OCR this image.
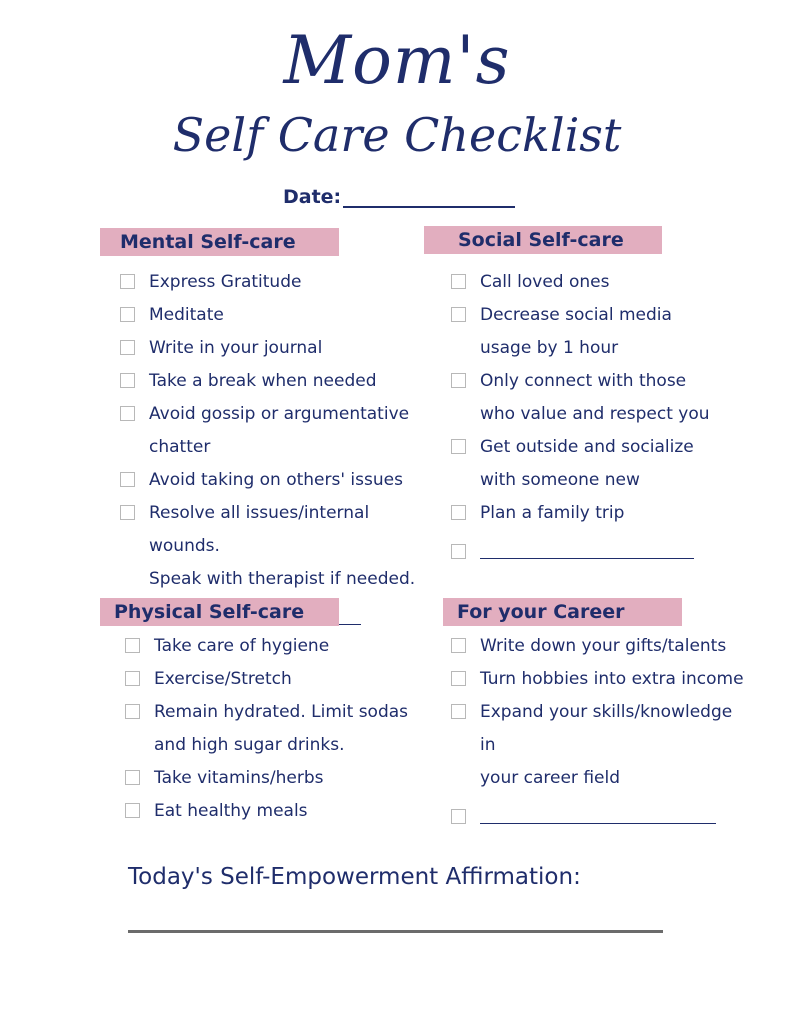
Mom's
Self Care Checklist
Date:
Mental Self-care
Express Gratitude
Meditate
Write in your journal
Take a break when needed
Avoid gossip or argumentative
chatter
Avoid taking on others' issues
Resolve all issues/internal wounds.
Speak with therapist if needed.
Social Self-care
Call loved ones
Decrease social media
usage by 1 hour
Only connect with those
who value and respect you
Get outside and socialize
with someone new
Plan a family trip
Physical Self-care
Take care of hygiene
Exercise/Stretch
Remain hydrated. Limit sodas
and high sugar drinks.
Take vitamins/herbs
Eat healthy meals
For your Career
Write down your gifts/talents
Turn hobbies into extra income
Expand your skills/knowledge in
your career field
Today's Self-Empowerment Affirmation:
